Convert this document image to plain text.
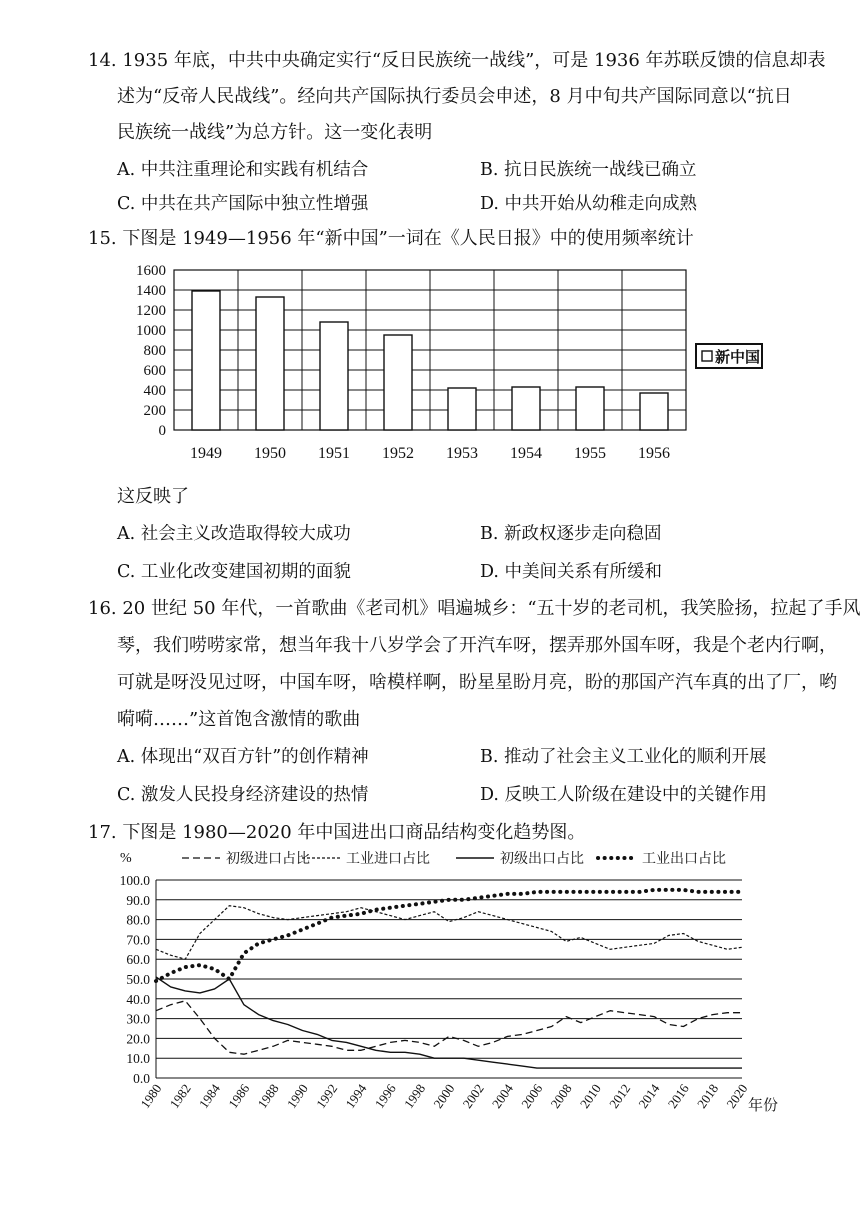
14. 1935 年底，中共中央确定实行“反日民族统一战线”，可是 1936 年苏联反馈的信息却表
述为“反帝人民战线”。经向共产国际执行委员会申述，8 月中旬共产国际同意以“抗日
民族统一战线”为总方针。这一变化表明
A. 中共注重理论和实践有机结合	B. 抗日民族统一战线已确立
C. 中共在共产国际中独立性增强	D. 中共开始从幼稚走向成熟
15. 下图是 1949—1956 年“新中国”一词在《人民日报》中的使用频率统计
0
200
400
600
800
1000
1200
1400
1600
1949 1950 1951 1952 1953 1954 1955 1956
新中国
这反映了
A. 社会主义改造取得较大成功	B. 新政权逐步走向稳固
C. 工业化改变建国初期的面貌	D. 中美间关系有所缓和
16. 20 世纪 50 年代，一首歌曲《老司机》唱遍城乡：“五十岁的老司机，我笑脸扬，拉起了手风
琴，我们唠唠家常，想当年我十八岁学会了开汽车呀，摆弄那外国车呀，我是个老内行啊，
可就是呀没见过呀，中国车呀，啥模样啊，盼星星盼月亮，盼的那国产汽车真的出了厂，哟
嗬嗬……”这首饱含激情的歌曲
A. 体现出“双百方针”的创作精神	B. 推动了社会主义工业化的顺利开展
C. 激发人民投身经济建设的热情	D. 反映工人阶级在建设中的关键作用
17. 下图是 1980—2020 年中国进出口商品结构变化趋势图。
%
0.0
10.0
20.0
30.0
40.0
50.0
60.0
70.0
80.0
90.0
100.0
1980 1982 1984 1986 1988 1990 1992 1994 1996 1998 2000 2002 2004 2006 2008 2010 2012 2014 2016 2018 2020
年份
初级进口占比	工业进口占比	初级出口占比	工业出口占比
